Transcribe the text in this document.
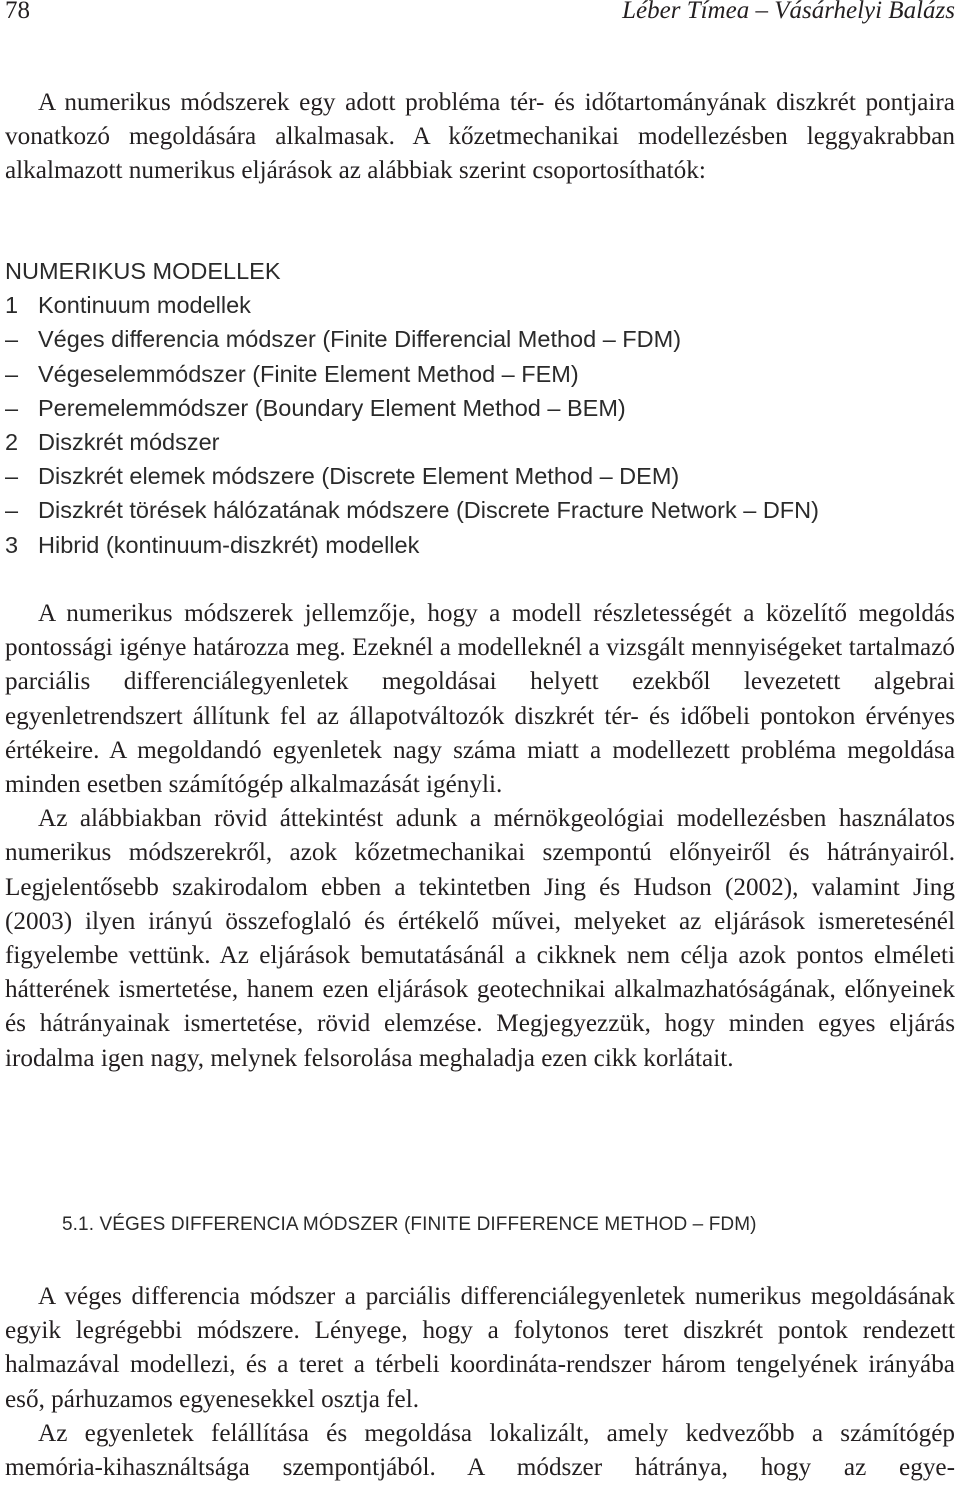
78	Léber Tímea – Vásárhelyi Balázs

A numerikus módszerek egy adott probléma tér- és időtartományának diszkrét pontjaira vonatkozó megoldására alkalmasak. A kőzetmechanikai modellezésben leggyakrabban alkalmazott numerikus eljárások az alábbiak szerint csoportosíthatók:

NUMERIKUS MODELLEK
1 Kontinuum modellek
– Véges differencia módszer (Finite Differencial Method – FDM)
– Végeselemmódszer (Finite Element Method – FEM)
– Peremelemmódszer (Boundary Element Method – BEM)
2 Diszkrét módszer
– Diszkrét elemek módszere (Discrete Element Method – DEM)
– Diszkrét törések hálózatának módszere (Discrete Fracture Network – DFN)
3 Hibrid (kontinuum-diszkrét) modellek

A numerikus módszerek jellemzője, hogy a modell részletességét a közelítő megoldás pontossági igénye határozza meg. Ezeknél a modelleknél a vizsgált mennyiségeket tartalmazó parciális differenciálegyenletek megoldásai helyett ezekből levezetett algebrai egyenletrendszert állítunk fel az állapotváltozók diszkrét tér- és időbeli pontokon érvényes értékeire. A megoldandó egyenletek nagy száma miatt a modellezett probléma megoldása minden esetben számítógép alkalmazását igényli.

Az alábbiakban rövid áttekintést adunk a mérnökgeológiai modellezésben használatos numerikus módszerekről, azok kőzetmechanikai szempontú előnyeiről és hátrányairól. Legjelentősebb szakirodalom ebben a tekintetben Jing és Hudson (2002), valamint Jing (2003) ilyen irányú összefoglaló és értékelő művei, melyeket az eljárások ismeretesénél figyelembe vettünk. Az eljárások bemutatásánál a cikknek nem célja azok pontos elméleti hátterének ismertetése, hanem ezen eljárások geotechnikai alkalmazhatóságának, előnyeinek és hátrányainak ismertetése, rövid elemzése. Megjegyezzük, hogy minden egyes eljárás irodalma igen nagy, melynek felsorolása meghaladja ezen cikk korlátait.

5.1. VÉGES DIFFERENCIA MÓDSZER (FINITE DIFFERENCE METHOD – FDM)

A véges differencia módszer a parciális differenciálegyenletek numerikus megoldásának egyik legrégebbi módszere. Lényege, hogy a folytonos teret diszkrét pontok rendezett halmazával modellezi, és a teret a térbeli koordináta-rendszer három tengelyének irányába eső, párhuzamos egyenesekkel osztja fel.

Az egyenletek felállítása és megoldása lokalizált, amely kedvezőbb a számítógép memória-kihasználtsága szempontjából. A módszer hátránya, hogy az egye-
